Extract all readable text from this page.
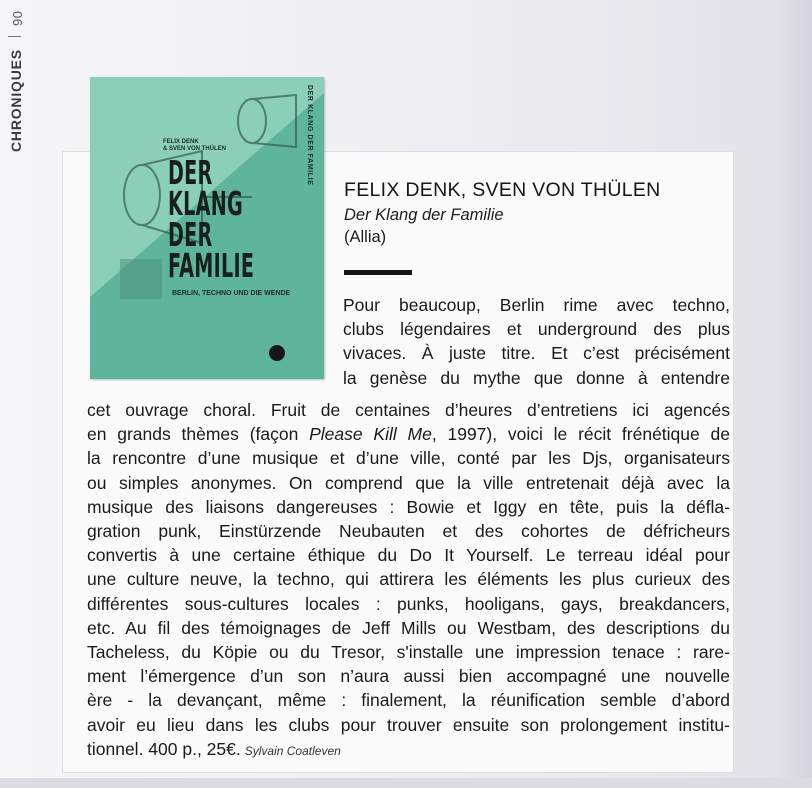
90
CHRONIQUES	FELIX DENK
& SVEN VON THÜLEN
DER
KLANG
DER
FAMILIE
BERLIN, TECHNO UND DIE WENDE
DER KLANG DER FAMILIE
FELIX DENK, SVEN VON THÜLEN
Der Klang der Familie
(Allia)
Pour beaucoup, Berlin rime avec techno,
clubs légendaires et underground des plus
vivaces. À juste titre. Et c’est précisément
la genèse du mythe que donne à entendre
cet ouvrage choral. Fruit de centaines d’heures d’entretiens ici agencés
en grands thèmes (façon Please Kill Me, 1997), voici le récit frénétique de
la rencontre d’une musique et d’une ville, conté par les Djs, organisateurs
ou simples anonymes. On comprend que la ville entretenait déjà avec la
musique des liaisons dangereuses : Bowie et Iggy en tête, puis la défla-
gration punk, Einstürzende Neubauten et des cohortes de défricheurs
convertis à une certaine éthique du Do It Yourself. Le terreau idéal pour
une culture neuve, la techno, qui attirera les éléments les plus curieux des
différentes sous-cultures locales : punks, hooligans, gays, breakdancers,
etc. Au fil des témoignages de Jeff Mills ou Westbam, des descriptions du
Tacheless, du Köpie ou du Tresor, s'installe une impression tenace : rare-
ment l’émergence d’un son n’aura aussi bien accompagné une nouvelle
ère - la devançant, même : finalement, la réunification semble d’abord
avoir eu lieu dans les clubs pour trouver ensuite son prolongement institu-
tionnel. 400 p., 25€. Sylvain Coatleven
